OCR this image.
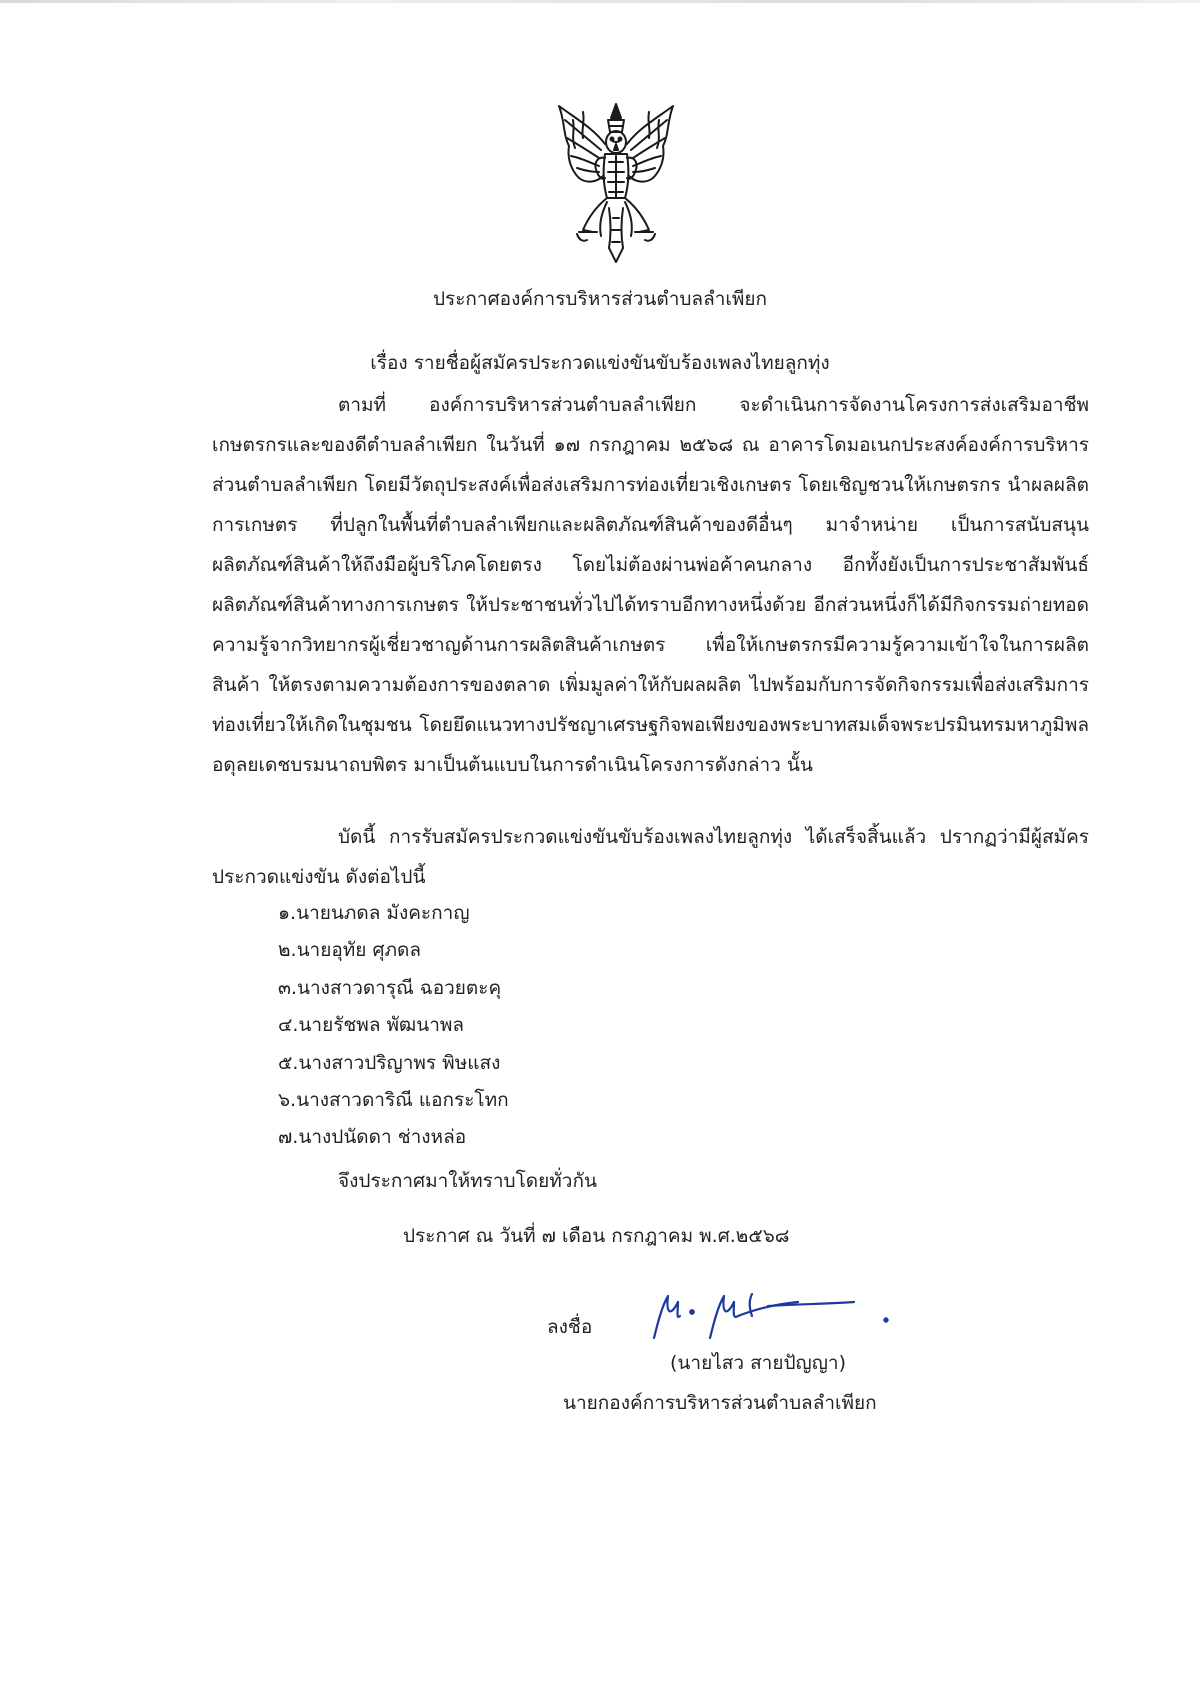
ประกาศองค์การบริหารส่วนตำบลลำเพียก
เรื่อง รายชื่อผู้สมัครประกวดแข่งขันขับร้องเพลงไทยลูกทุ่ง

ตามที่ องค์การบริหารส่วนตำบลลำเพียก จะดำเนินการจัดงานโครงการส่งเสริมอาชีพเกษตรกรและของดีตำบลลำเพียก ในวันที่ ๑๗ กรกฎาคม ๒๕๖๘ ณ อาคารโดมอเนกประสงค์องค์การบริหารส่วนตำบลลำเพียก โดยมีวัตถุประสงค์เพื่อส่งเสริมการท่องเที่ยวเชิงเกษตร โดยเชิญชวนให้เกษตรกร นำผลผลิตการเกษตร ที่ปลูกในพื้นที่ตำบลลำเพียกและผลิตภัณฑ์สินค้าของดีอื่นๆ มาจำหน่าย เป็นการสนับสนุนผลิตภัณฑ์สินค้าให้ถึงมือผู้บริโภคโดยตรง โดยไม่ต้องผ่านพ่อค้าคนกลาง อีกทั้งยังเป็นการประชาสัมพันธ์ผลิตภัณฑ์สินค้าทางการเกษตร ให้ประชาชนทั่วไปได้ทราบอีกทางหนึ่งด้วย อีกส่วนหนึ่งก็ได้มีกิจกรรมถ่ายทอดความรู้จากวิทยากรผู้เชี่ยวชาญด้านการผลิตสินค้าเกษตร เพื่อให้เกษตรกรมีความรู้ความเข้าใจในการผลิตสินค้า ให้ตรงตามความต้องการของตลาด เพิ่มมูลค่าให้กับผลผลิต ไปพร้อมกับการจัดกิจกรรมเพื่อส่งเสริมการท่องเที่ยวให้เกิดในชุมชน โดยยึดแนวทางปรัชญาเศรษฐกิจพอเพียงของพระบาทสมเด็จพระปรมินทรมหาภูมิพลอดุลยเดชบรมนาถบพิตร มาเป็นต้นแบบในการดำเนินโครงการดังกล่าว นั้น

บัดนี้ การรับสมัครประกวดแข่งขันขับร้องเพลงไทยลูกทุ่ง ได้เสร็จสิ้นแล้ว ปรากฏว่ามีผู้สมัครประกวดแข่งขัน ดังต่อไปนี้

๑.นายนภดล มังคะกาญ
๒.นายอุทัย ศุภดล
๓.นางสาวดารุณี ฉอวยตะคุ
๔.นายรัชพล พัฒนาพล
๕.นางสาวปริญาพร พิษแสง
๖.นางสาวดาริณี แอกระโทก
๗.นางปนัดดา ช่างหล่อ
จึงประกาศมาให้ทราบโดยทั่วกัน
ประกาศ ณ วันที่ ๗ เดือน กรกฎาคม พ.ศ.๒๕๖๘
ลงชื่อ
(นายไสว สายปัญญา)
นายกองค์การบริหารส่วนตำบลลำเพียก
